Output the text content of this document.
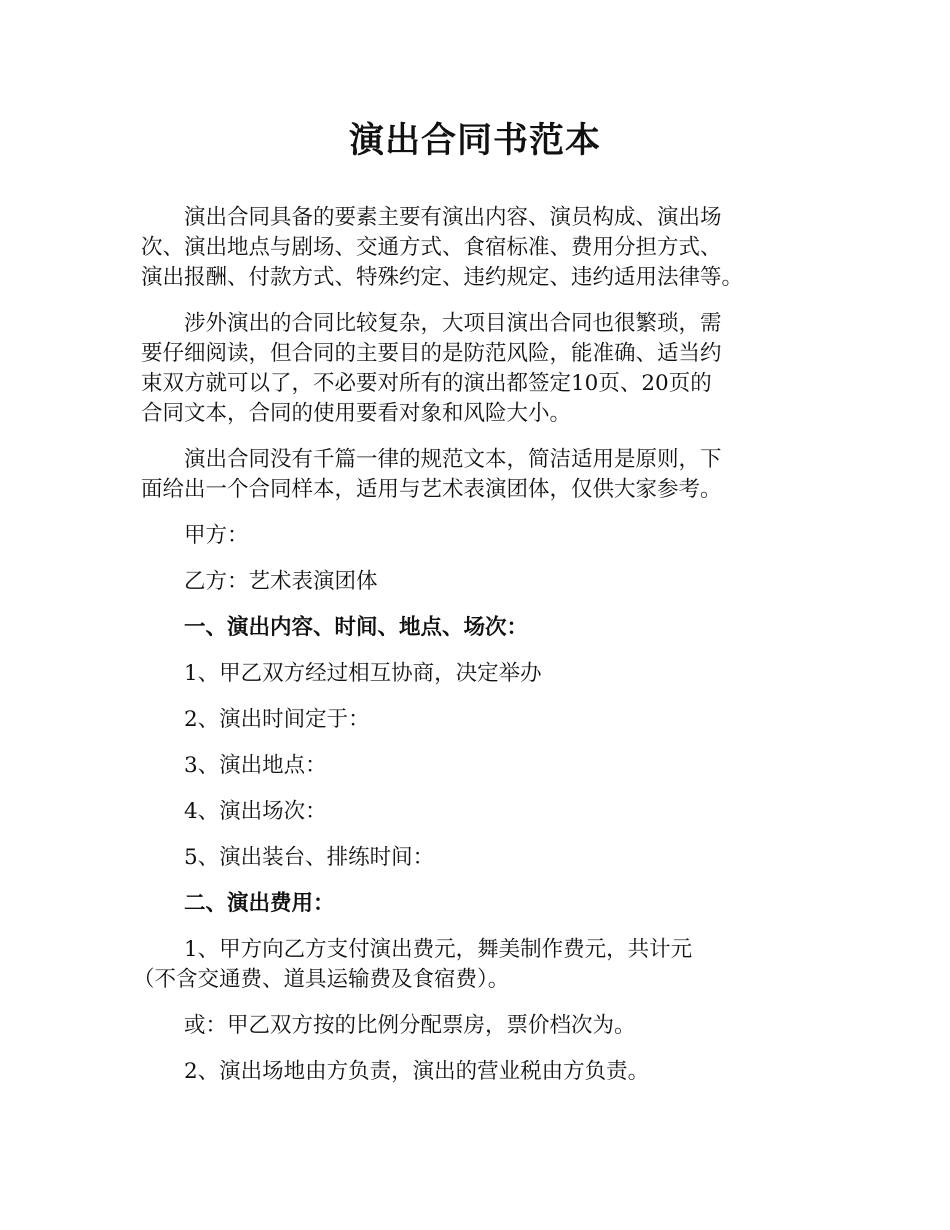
演出合同书范本

演出合同具备的要素主要有演出内容、演员构成、演出场
次、演出地点与剧场、交通方式、食宿标准、费用分担方式、
演出报酬、付款方式、特殊约定、违约规定、违约适用法律等。

涉外演出的合同比较复杂，大项目演出合同也很繁琐，需
要仔细阅读，但合同的主要目的是防范风险，能准确、适当约
束双方就可以了，不必要对所有的演出都签定10页、20页的
合同文本，合同的使用要看对象和风险大小。

演出合同没有千篇一律的规范文本，简洁适用是原则，下
面给出一个合同样本，适用与艺术表演团体，仅供大家参考。

甲方：

乙方：艺术表演团体

一、演出内容、时间、地点、场次：

1、甲乙双方经过相互协商，决定举办

2、演出时间定于：

3、演出地点：

4、演出场次：

5、演出装台、排练时间：

二、演出费用：

1、甲方向乙方支付演出费元，舞美制作费元，共计元
（不含交通费、道具运输费及食宿费）。

或：甲乙双方按的比例分配票房，票价档次为。

2、演出场地由方负责，演出的营业税由方负责。
